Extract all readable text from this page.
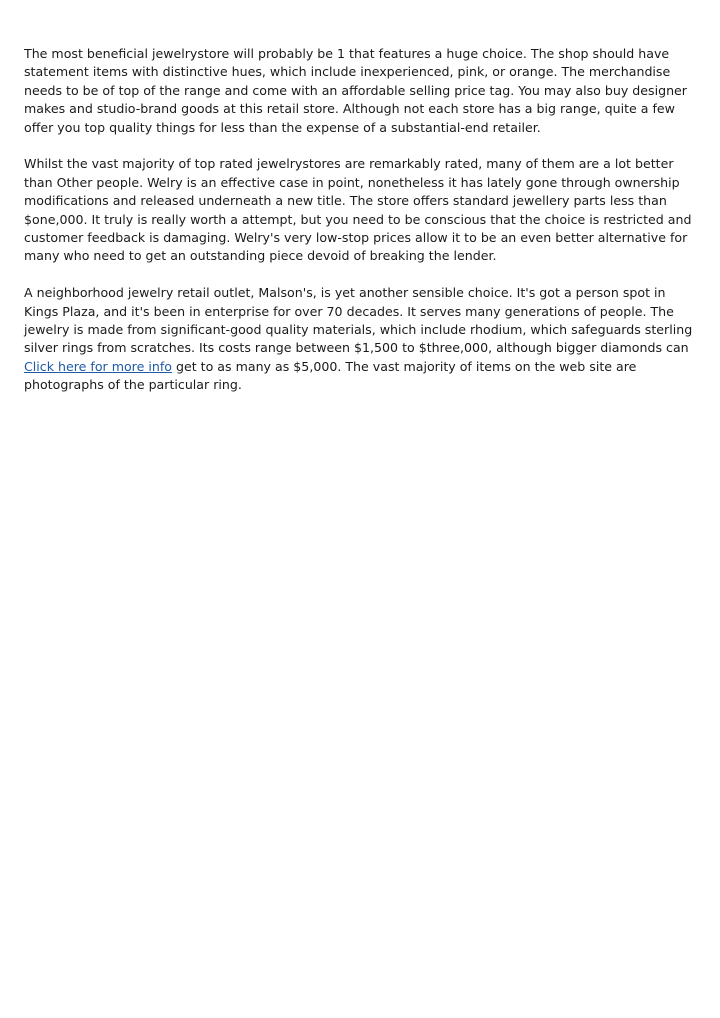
The most beneficial jewelrystore will probably be 1 that features a huge choice. The shop should have statement items with distinctive hues, which include inexperienced, pink, or orange. The merchandise needs to be of top of the range and come with an affordable selling price tag. You may also buy designer makes and studio-brand goods at this retail store. Although not each store has a big range, quite a few offer you top quality things for less than the expense of a substantial-end retailer.

Whilst the vast majority of top rated jewelrystores are remarkably rated, many of them are a lot better than Other people. Welry is an effective case in point, nonetheless it has lately gone through ownership modifications and released underneath a new title. The store offers standard jewellery parts less than $one,000. It truly is really worth a attempt, but you need to be conscious that the choice is restricted and customer feedback is damaging. Welry's very low-stop prices allow it to be an even better alternative for many who need to get an outstanding piece devoid of breaking the lender.

A neighborhood jewelry retail outlet, Malson's, is yet another sensible choice. It's got a person spot in Kings Plaza, and it's been in enterprise for over 70 decades. It serves many generations of people. The jewelry is made from significant-good quality materials, which include rhodium, which safeguards sterling silver rings from scratches. Its costs range between $1,500 to $three,000, although bigger diamonds can Click here for more info get to as many as $5,000. The vast majority of items on the web site are photographs of the particular ring.
